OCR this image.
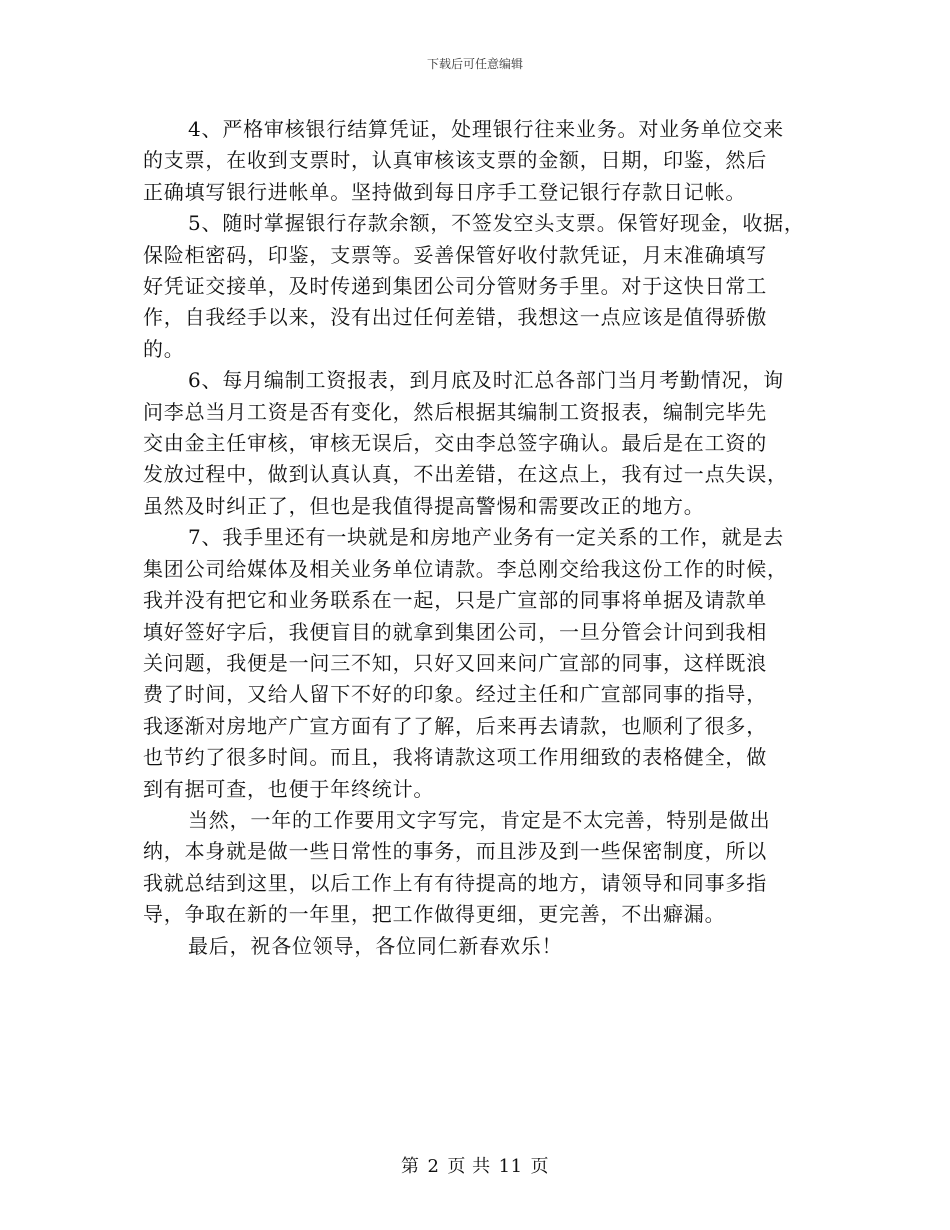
下载后可任意编辑

4、严格审核银行结算凭证，处理银行往来业务。对业务单位交来
的支票，在收到支票时，认真审核该支票的金额，日期，印鉴，然后
正确填写银行进帐单。坚持做到每日序手工登记银行存款日记帐。

5、随时掌握银行存款余额，不签发空头支票。保管好现金，收据，
保险柜密码，印鉴，支票等。妥善保管好收付款凭证，月末准确填写
好凭证交接单，及时传递到集团公司分管财务手里。对于这快日常工
作，自我经手以来，没有出过任何差错，我想这一点应该是值得骄傲
的。

6、每月编制工资报表，到月底及时汇总各部门当月考勤情况，询
问李总当月工资是否有变化，然后根据其编制工资报表，编制完毕先
交由金主任审核，审核无误后，交由李总签字确认。最后是在工资的
发放过程中，做到认真认真，不出差错，在这点上，我有过一点失误，
虽然及时纠正了，但也是我值得提高警惕和需要改正的地方。

7、我手里还有一块就是和房地产业务有一定关系的工作，就是去
集团公司给媒体及相关业务单位请款。李总刚交给我这份工作的时候，
我并没有把它和业务联系在一起，只是广宣部的同事将单据及请款单
填好签好字后，我便盲目的就拿到集团公司，一旦分管会计问到我相
关问题，我便是一问三不知，只好又回来问广宣部的同事，这样既浪
费了时间，又给人留下不好的印象。经过主任和广宣部同事的指导，
我逐渐对房地产广宣方面有了了解，后来再去请款，也顺利了很多，
也节约了很多时间。而且，我将请款这项工作用细致的表格健全，做
到有据可查，也便于年终统计。

当然，一年的工作要用文字写完，肯定是不太完善，特别是做出
纳，本身就是做一些日常性的事务，而且涉及到一些保密制度，所以
我就总结到这里，以后工作上有有待提高的地方，请领导和同事多指
导，争取在新的一年里，把工作做得更细，更完善，不出癖漏。

最后，祝各位领导，各位同仁新春欢乐！

第 2 页 共 11 页
